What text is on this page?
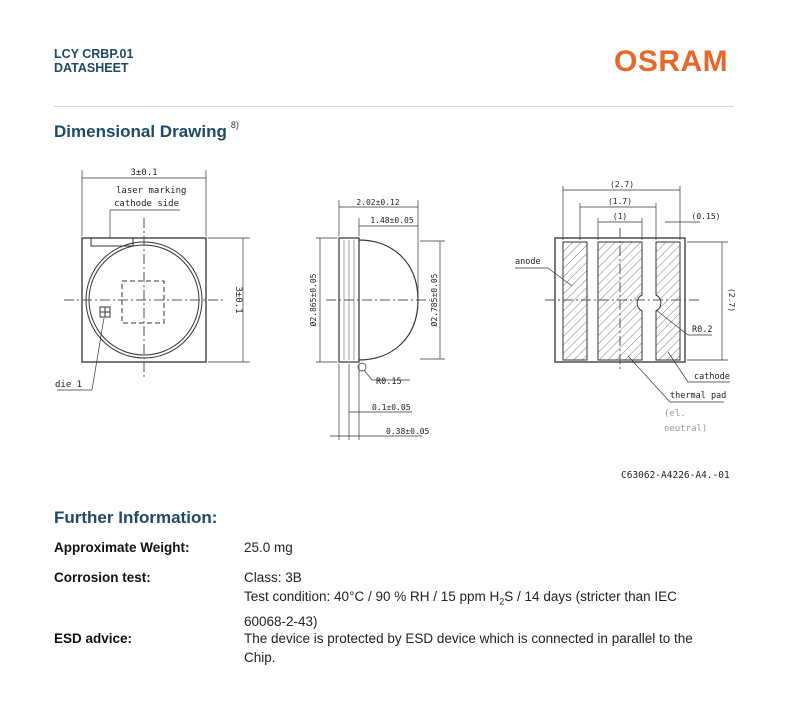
LCY CRBP.01
DATASHEET	OSRAM
Dimensional Drawing $^{8)}$
3±0.1
laser marking
cathode side
3±0.1
die 1
2.02±0.12
1.48±0.05
Ø2.865±0.05	Ø2.785±0.05
R0.15
0.1±0.05
0.38±0.05
(2.7)
(1.7)
(1)	(0.15)
(2.7)
anode
R0.2
cathode
thermal pad
(el.
neutral)
C63062-A4226-A4.-01
Further Information:
Approximate Weight:	25.0 mg
Corrosion test:	Class: 3B
Test condition: 40°C / 90 % RH / 15 ppm $H_2S / 14$ days (stricter than IEC
60068-2-43)
ESD advice:	The device is protected by ESD device which is connected in parallel to the
Chip.
